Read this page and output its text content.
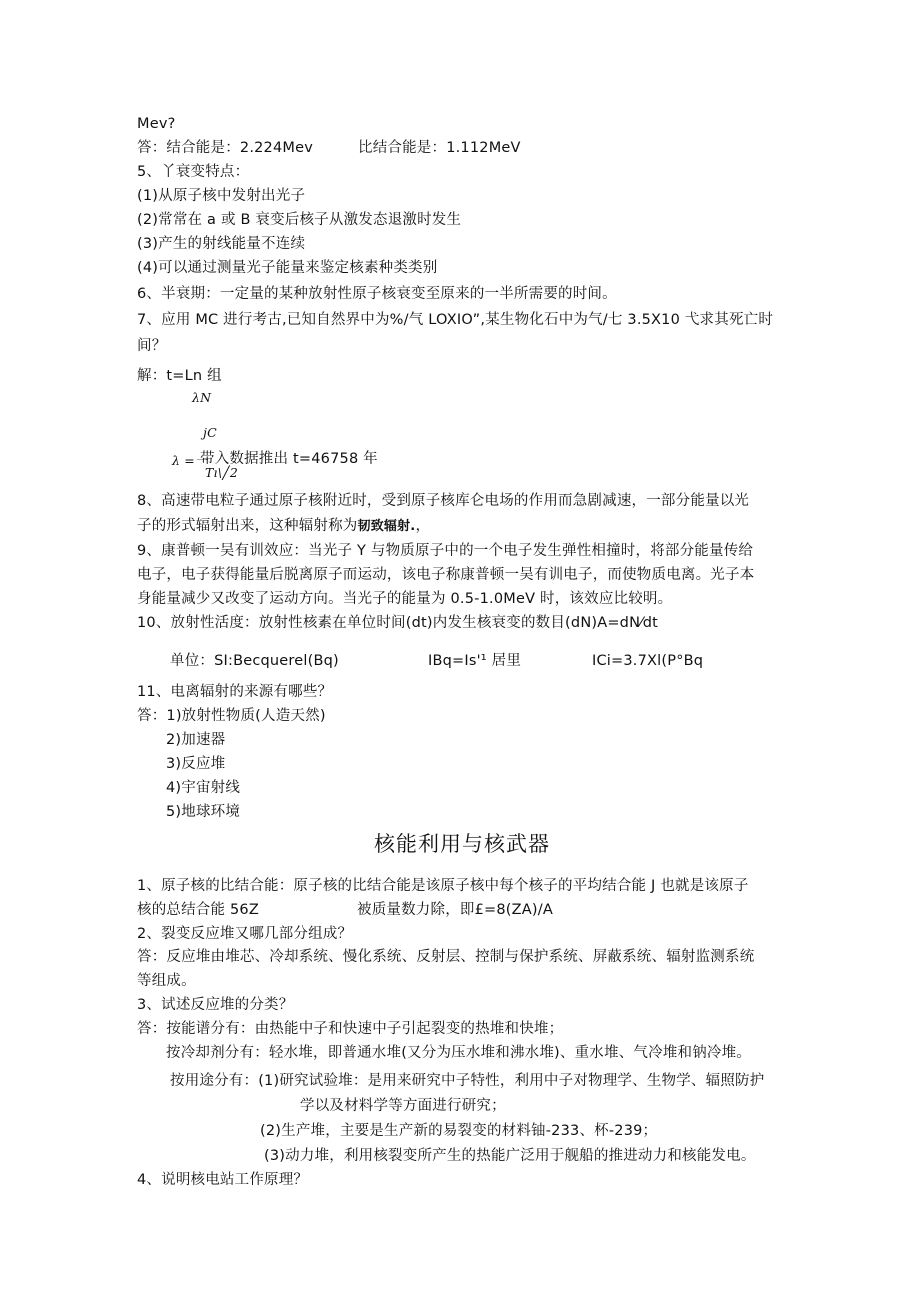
Mev?
答：结合能是：2.224Mev	比结合能是：1.112MeV
5、丫衰变特点：
(1)从原子核中发射出光子
(2)常常在 a 或 B 衰变后核子从激发态退激时发生
(3)产生的射线能量不连续
(4)可以通过测量光子能量来鉴定核素种类类别
6、半衰期：一定量的某种放射性原子核衰变至原来的一半所需要的时间。
7、应用 MC 进行考古,已知自然界中为%/气 LOXIO”,某生物化石中为气/七 3.5X10 弋求其死亡时
间？
解：t=Ln 组
λN
jC
λ =一
带入数据推出 t=46758 年
Tı\╱2
8、高速带电粒子通过原子核附近时，受到原子核库仑电场的作用而急剧减速，一部分能量以光
子的形式辐射出来，这种辐射称为韧致辐射.，
9、康普顿一吴有训效应：当光子 Y 与物质原子中的一个电子发生弹性相撞时，将部分能量传给
电子，电子获得能量后脱离原子而运动，该电子称康普顿一吴有训电子，而使物质电离。光子本
身能量减少又改变了运动方向。当光子的能量为 0.5-1.0MeV 时，该效应比较明。
10、放射性活度：放射性核素在单位时间(dt)内发生核衰变的数目(dN)A=dN⁄dt
单位：SI:Becquerel(Bq)	IBq=Is'¹ 居里	ICi=3.7Xl(P°Bq
11、电离辐射的来源有哪些？
答：1)放射性物质(人造天然)
2)加速器
3)反应堆
4)宇宙射线
5)地球环境
核能利用与核武器
1、原子核的比结合能：原子核的比结合能是该原子核中每个核子的平均结合能 J 也就是该原子
核的总结合能 56Z	被质量数力除，即£=8(ZA)/A
2、裂变反应堆又哪几部分组成？
答：反应堆由堆芯、冷却系统、慢化系统、反射层、控制与保护系统、屏蔽系统、辐射监测系统
等组成。
3、试述反应堆的分类？
答：按能谱分有：由热能中子和快速中子引起裂变的热堆和快堆；
按冷却剂分有：轻水堆，即普通水堆(又分为压水堆和沸水堆)、重水堆、气冷堆和钠冷堆。
按用途分有：(1)研究试验堆：是用来研究中子特性，利用中子对物理学、生物学、辐照防护
学以及材料学等方面进行研究；
(2)生产堆，主要是生产新的易裂变的材料铀-233、杯-239；
(3)动力堆，利用核裂变所产生的热能广泛用于舰船的推进动力和核能发电。
4、说明核电站工作原理？
